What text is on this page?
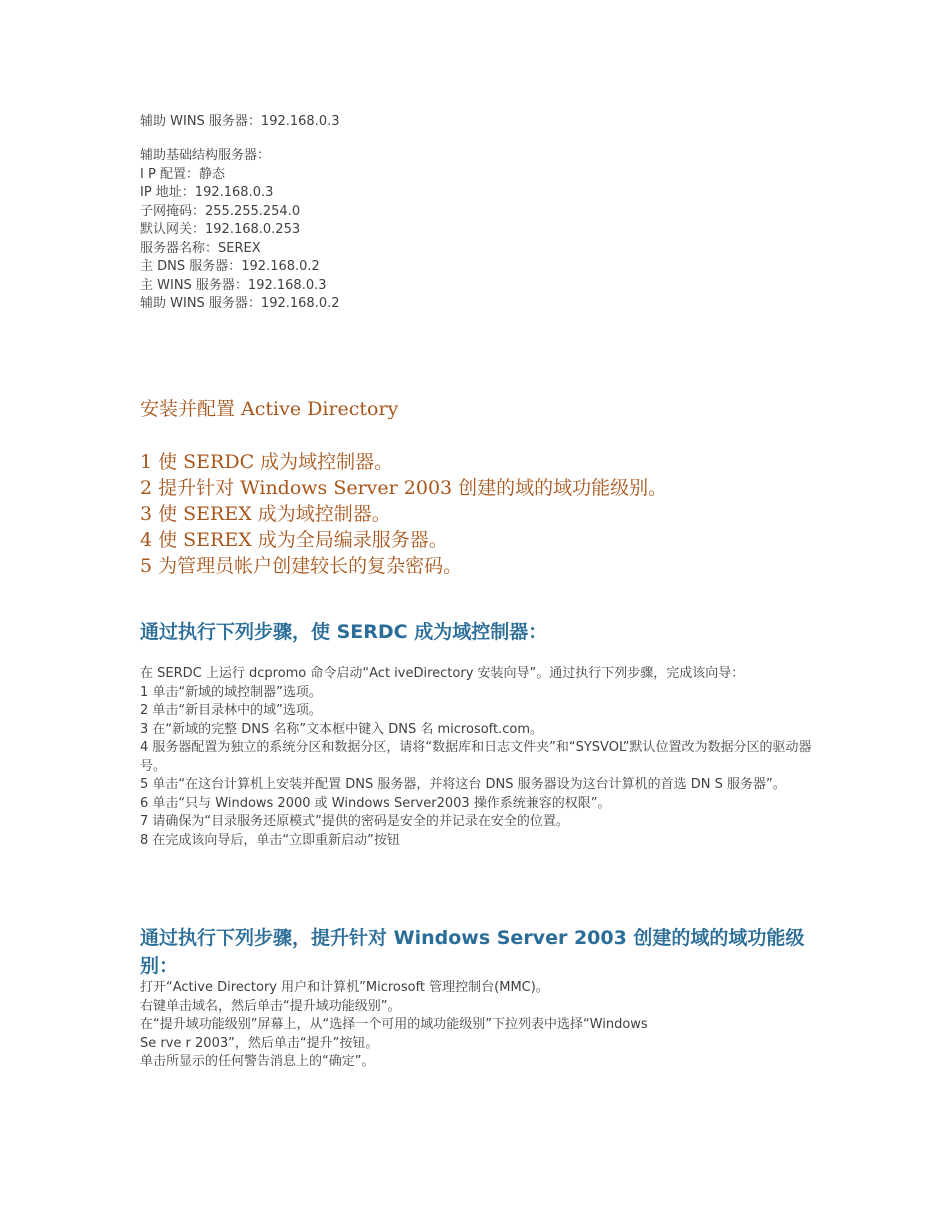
辅助 WINS 服务器：192.168.0.3

辅助基础结构服务器：

I P 配置：静态

IP 地址：192.168.0.3

子网掩码：255.255.254.0

默认网关：192.168.0.253

服务器名称：SEREX

主 DNS 服务器：192.168.0.2

主 WINS 服务器：192.168.0.3

辅助 WINS 服务器：192.168.0.2

安装并配置 Active Directory

1 使 SERDC 成为域控制器。

2 提升针对 Windows Server 2003 创建的域的域功能级别。

3 使 SEREX 成为域控制器。

4 使 SEREX 成为全局编录服务器。

5 为管理员帐户创建较长的复杂密码。

通过执行下列步骤，使 SERDC 成为域控制器：

在 SERDC 上运行 dcpromo 命令启动“Act iveDirectory 安装向导”。通过执行下列步骤，完成该向导：

1 单击“新域的域控制器”选项。

2 单击“新目录林中的域”选项。

3 在“新域的完整 DNS 名称”文本框中键入 DNS 名 microsoft.com。

4 服务器配置为独立的系统分区和数据分区，请将“数据库和日志文件夹”和“SYSVOL”默认位置改为数据分区的驱动器号。

5 单击“在这台计算机上安装并配置 DNS 服务器，并将这台 DNS 服务器设为这台计算机的首选 DN S 服务器”。

6 单击“只与 Windows 2000 或 Windows Server2003 操作系统兼容的权限”。

7 请确保为“目录服务还原模式”提供的密码是安全的并记录在安全的位置。

8 在完成该向导后，单击“立即重新启动”按钮

通过执行下列步骤，提升针对 Windows Server 2003 创建的域的域功能级别：

打开“Active Directory 用户和计算机”Microsoft 管理控制台(MMC)。

右键单击域名，然后单击“提升域功能级别”。

在“提升域功能级别”屏幕上，从“选择一个可用的域功能级别”下拉列表中选择“Windows

Se rve r 2003”，然后单击“提升”按钮。

单击所显示的任何警告消息上的“确定”。
